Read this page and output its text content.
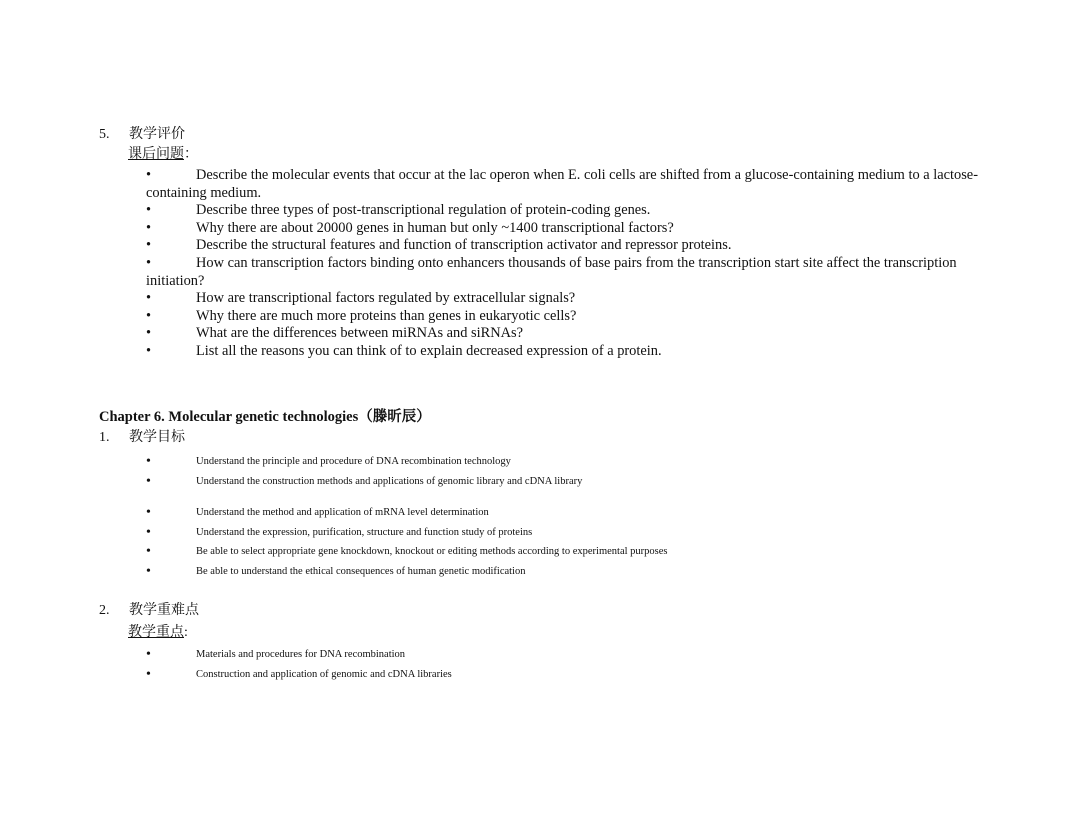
5. 教学评价
课后问题：
•	Describe the molecular events that occur at the lac operon when E. coli cells are shifted from a glucose-containing medium to a lactose-containing medium.
•	Describe three types of post-transcriptional regulation of protein-coding genes.
•	Why there are about 20000 genes in human but only ~1400 transcriptional factors?
•	Describe the structural features and function of transcription activator and repressor proteins.
•	How can transcription factors binding onto enhancers thousands of base pairs from the transcription start site affect the transcription initiation?
•	How are transcriptional factors regulated by extracellular signals?
•	Why there are much more proteins than genes in eukaryotic cells?
•	What are the differences between miRNAs and siRNAs?
•	List all the reasons you can think of to explain decreased expression of a protein.
Chapter 6. Molecular genetic technologies（滕昕辰）
1. 教学目标
•	Understand the principle and procedure of DNA recombination technology
•	Understand the construction methods and applications of genomic library and cDNA library
•	Understand the method and application of mRNA level determination
•	Understand the expression, purification, structure and function study of proteins
•	Be able to select appropriate gene knockdown, knockout or editing methods according to experimental purposes
•	Be able to understand the ethical consequences of human genetic modification
2. 教学重难点
教学重点:
•	Materials and procedures for DNA recombination
•	Construction and application of genomic and cDNA libraries
